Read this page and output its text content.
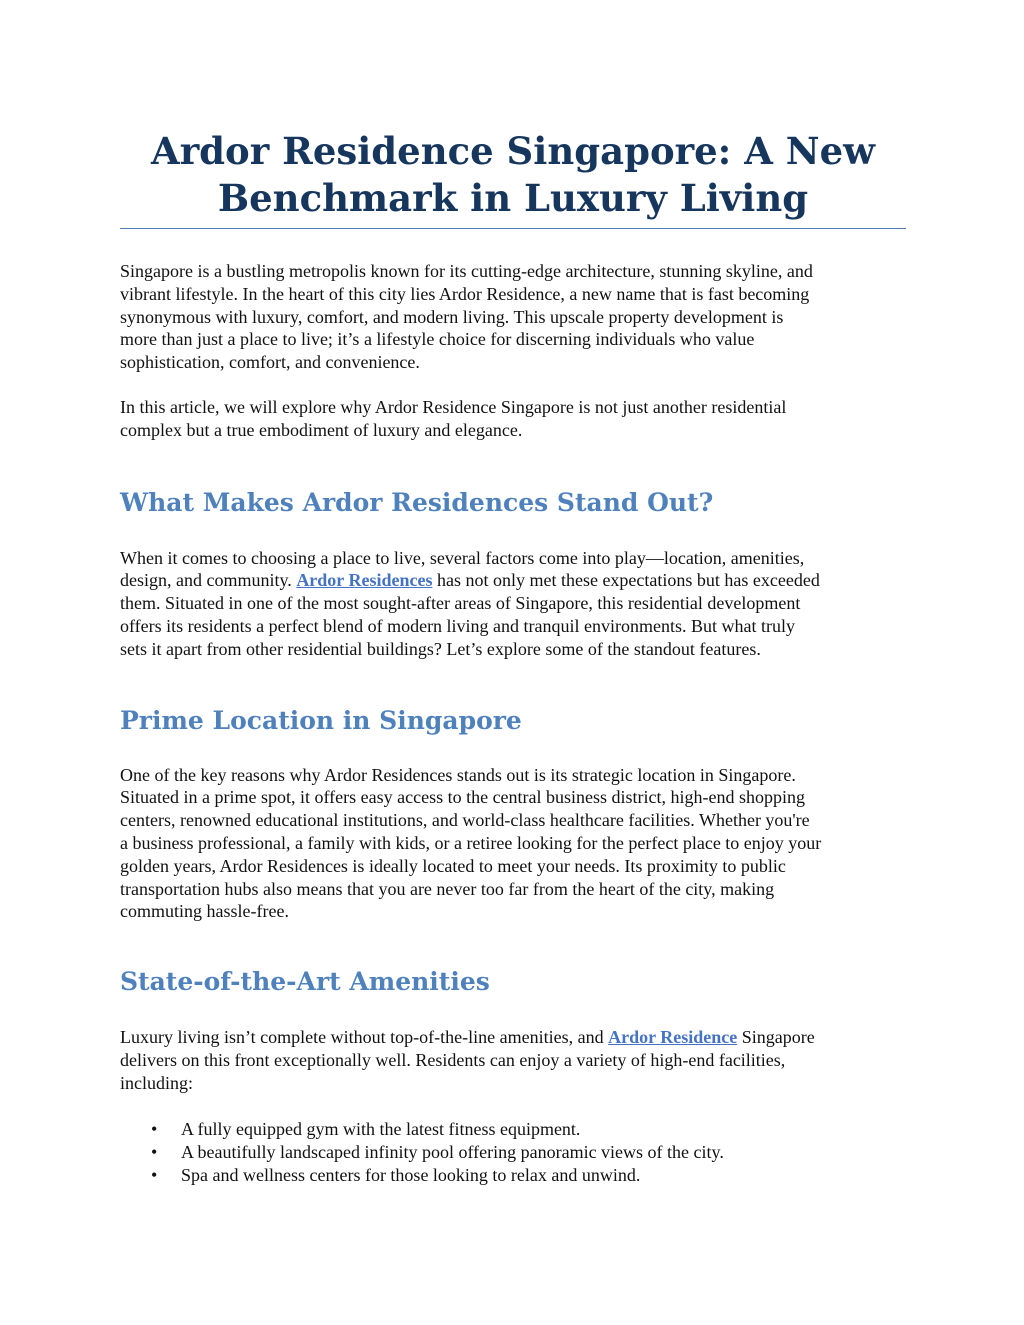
Ardor Residence Singapore: A New Benchmark in Luxury Living

Singapore is a bustling metropolis known for its cutting-edge architecture, stunning skyline, and
vibrant lifestyle. In the heart of this city lies Ardor Residence, a new name that is fast becoming
synonymous with luxury, comfort, and modern living. This upscale property development is
more than just a place to live; it’s a lifestyle choice for discerning individuals who value
sophistication, comfort, and convenience.

In this article, we will explore why Ardor Residence Singapore is not just another residential
complex but a true embodiment of luxury and elegance.

What Makes Ardor Residences Stand Out?

When it comes to choosing a place to live, several factors come into play—location, amenities,
design, and community. Ardor Residences has not only met these expectations but has exceeded
them. Situated in one of the most sought-after areas of Singapore, this residential development
offers its residents a perfect blend of modern living and tranquil environments. But what truly
sets it apart from other residential buildings? Let’s explore some of the standout features.

Prime Location in Singapore

One of the key reasons why Ardor Residences stands out is its strategic location in Singapore.
Situated in a prime spot, it offers easy access to the central business district, high-end shopping
centers, renowned educational institutions, and world-class healthcare facilities. Whether you're
a business professional, a family with kids, or a retiree looking for the perfect place to enjoy your
golden years, Ardor Residences is ideally located to meet your needs. Its proximity to public
transportation hubs also means that you are never too far from the heart of the city, making
commuting hassle-free.

State-of-the-Art Amenities

Luxury living isn’t complete without top-of-the-line amenities, and Ardor Residence Singapore
delivers on this front exceptionally well. Residents can enjoy a variety of high-end facilities,
including:

• A fully equipped gym with the latest fitness equipment.
• A beautifully landscaped infinity pool offering panoramic views of the city.
• Spa and wellness centers for those looking to relax and unwind.
